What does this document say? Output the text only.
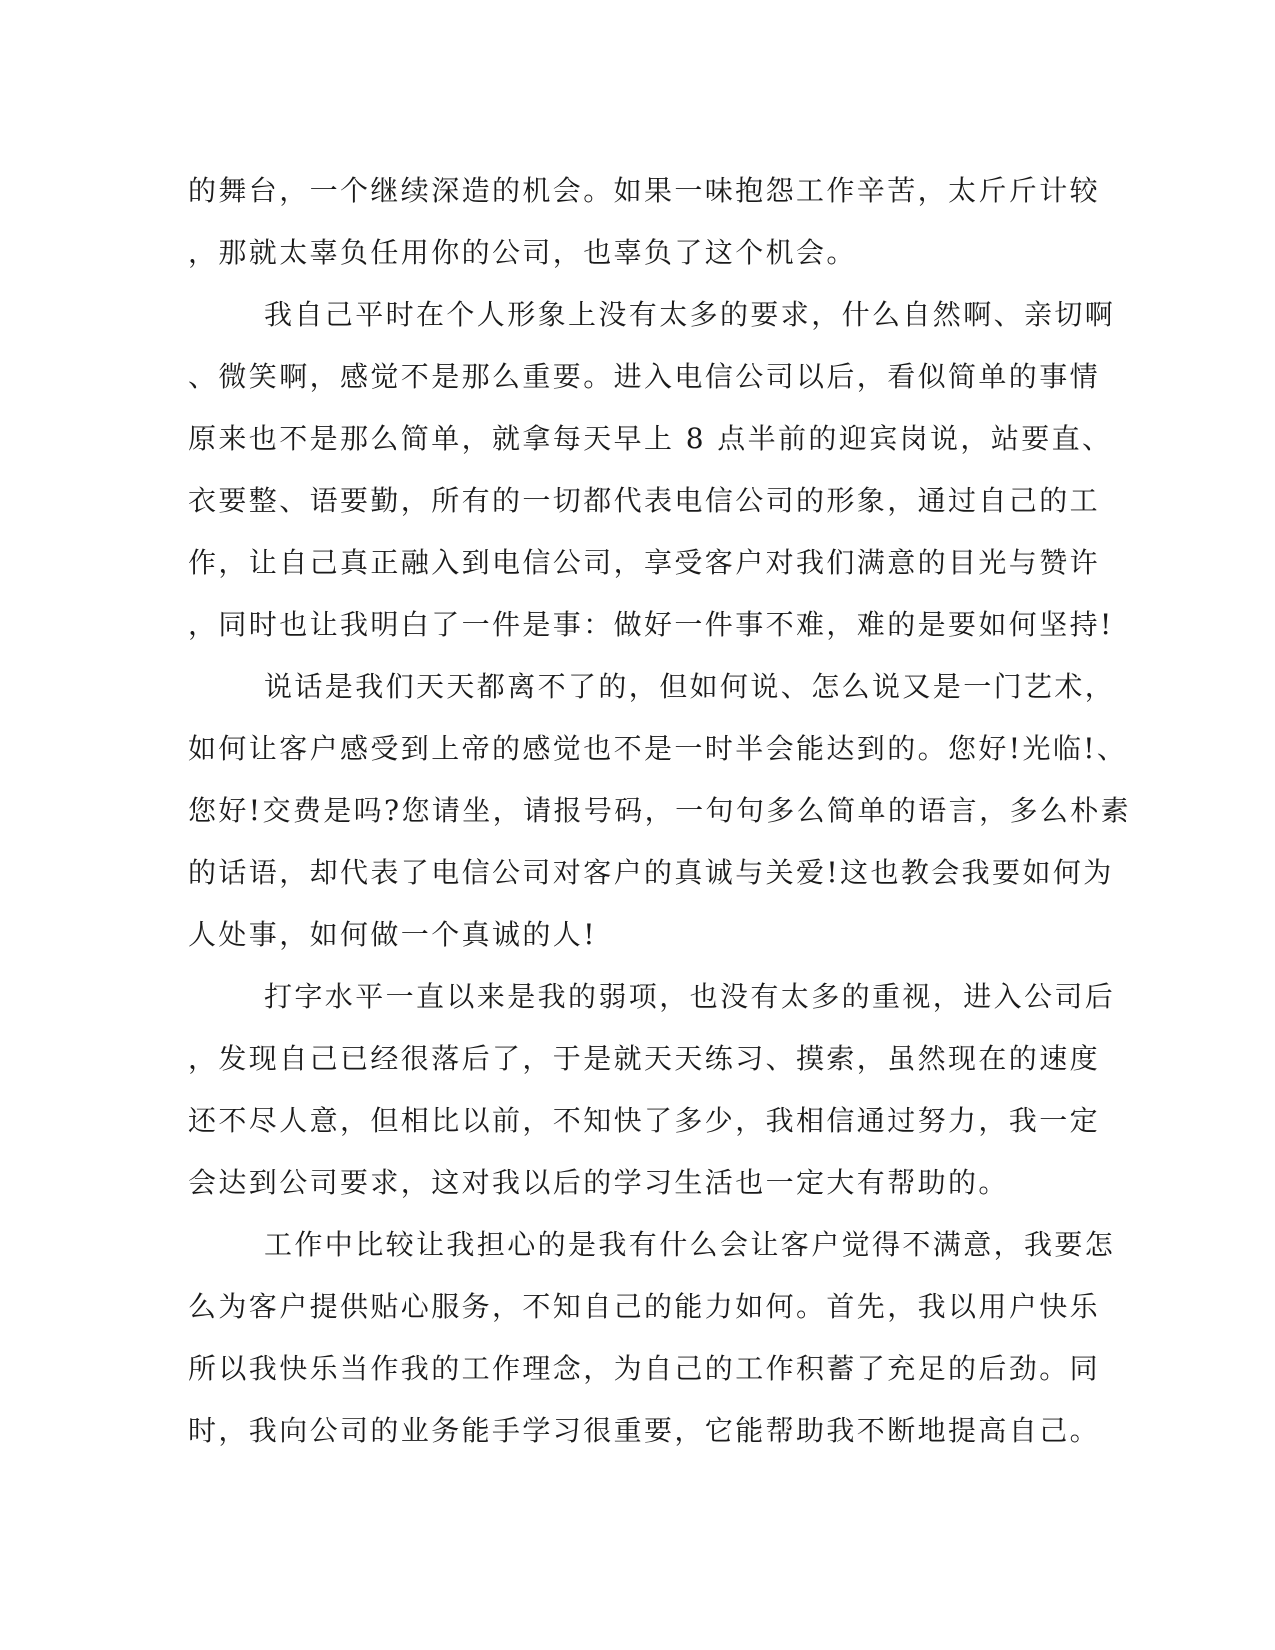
的舞台，一个继续深造的机会。如果一味抱怨工作辛苦，太斤斤计较
，那就太辜负任用你的公司，也辜负了这个机会。
我自己平时在个人形象上没有太多的要求，什么自然啊、亲切啊
、微笑啊，感觉不是那么重要。进入电信公司以后，看似简单的事情
原来也不是那么简单，就拿每天早上 8 点半前的迎宾岗说，站要直、
衣要整、语要勤，所有的一切都代表电信公司的形象，通过自己的工
作，让自己真正融入到电信公司，享受客户对我们满意的目光与赞许
，同时也让我明白了一件是事：做好一件事不难，难的是要如何坚持!
说话是我们天天都离不了的，但如何说、怎么说又是一门艺术，
如何让客户感受到上帝的感觉也不是一时半会能达到的。您好!光临!、
您好!交费是吗?您请坐，请报号码，一句句多么简单的语言，多么朴素
的话语，却代表了电信公司对客户的真诚与关爱!这也教会我要如何为
人处事，如何做一个真诚的人!
打字水平一直以来是我的弱项，也没有太多的重视，进入公司后
，发现自己已经很落后了，于是就天天练习、摸索，虽然现在的速度
还不尽人意，但相比以前，不知快了多少，我相信通过努力，我一定
会达到公司要求，这对我以后的学习生活也一定大有帮助的。
工作中比较让我担心的是我有什么会让客户觉得不满意，我要怎
么为客户提供贴心服务，不知自己的能力如何。首先，我以用户快乐
所以我快乐当作我的工作理念，为自己的工作积蓄了充足的后劲。同
时，我向公司的业务能手学习很重要，它能帮助我不断地提高自己。
